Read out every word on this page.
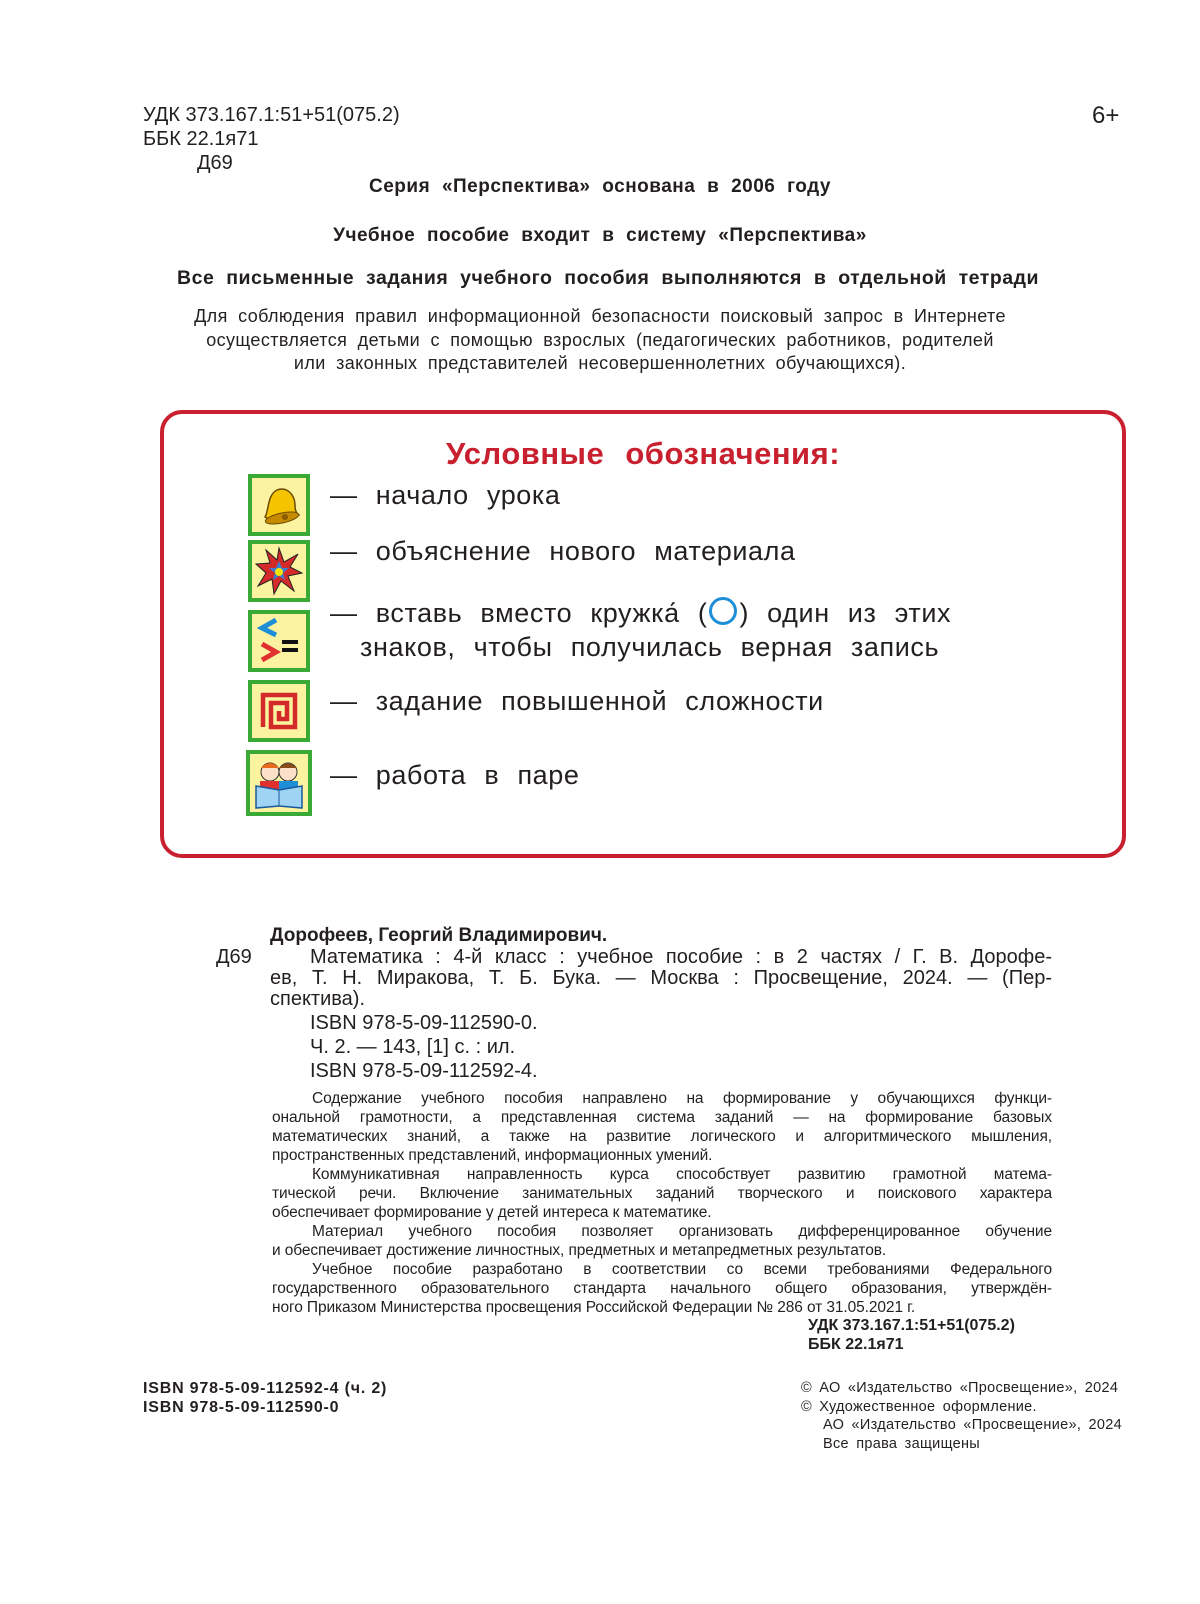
УДК 373.167.1:51+51(075.2)
ББК 22.1я71
Д69
6+
Серия «Перспектива» основана в 2006 году
Учебное пособие входит в систему «Перспектива»
Все письменные задания учебного пособия выполняются в отдельной тетради
Для соблюдения правил информационной безопасности поисковый запрос в Интернете
осуществляется детьми с помощью взрослых (педагогических работников, родителей
или законных представителей несовершеннолетних обучающихся).
Условные обозначения:
— начало урока
— объяснение нового материала
— вставь вместо кружка́ ( ) один из этих
знаков, чтобы получилась верная запись
— задание повышенной сложности
— работа в паре
Дорофеев, Георгий Владимирович.
Д69	Математика : 4-й класс : учебное пособие : в 2 частях / Г. В. Дорофе-
ев, Т. Н. Миракова, Т. Б. Бука. — Москва : Просвещение, 2024. — (Пер-
спектива).
ISBN 978-5-09-112590-0.
Ч. 2. — 143, [1] с. : ил.
ISBN 978-5-09-112592-4.
Содержание учебного пособия направлено на формирование у обучающихся функци-
ональной грамотности, а представленная система заданий — на формирование базовых
математических знаний, а также на развитие логического и алгоритмического мышления,
пространственных представлений, информационных умений.
Коммуникативная направленность курса способствует развитию грамотной матема-
тической речи. Включение занимательных заданий творческого и поискового характера
обеспечивает формирование у детей интереса к математике.
Материал учебного пособия позволяет организовать дифференцированное обучение
и обеспечивает достижение личностных, предметных и метапредметных результатов.
Учебное пособие разработано в соответствии со всеми требованиями Федерального
государственного образовательного стандарта начального общего образования, утверждён-
ного Приказом Министерства просвещения Российской Федерации № 286 от 31.05.2021 г.
УДК 373.167.1:51+51(075.2)
ББК 22.1я71
ISBN 978-5-09-112592-4 (ч. 2)
ISBN 978-5-09-112590-0
© АО «Издательство «Просвещение», 2024
© Художественное оформление.
АО «Издательство «Просвещение», 2024
Все права защищены
